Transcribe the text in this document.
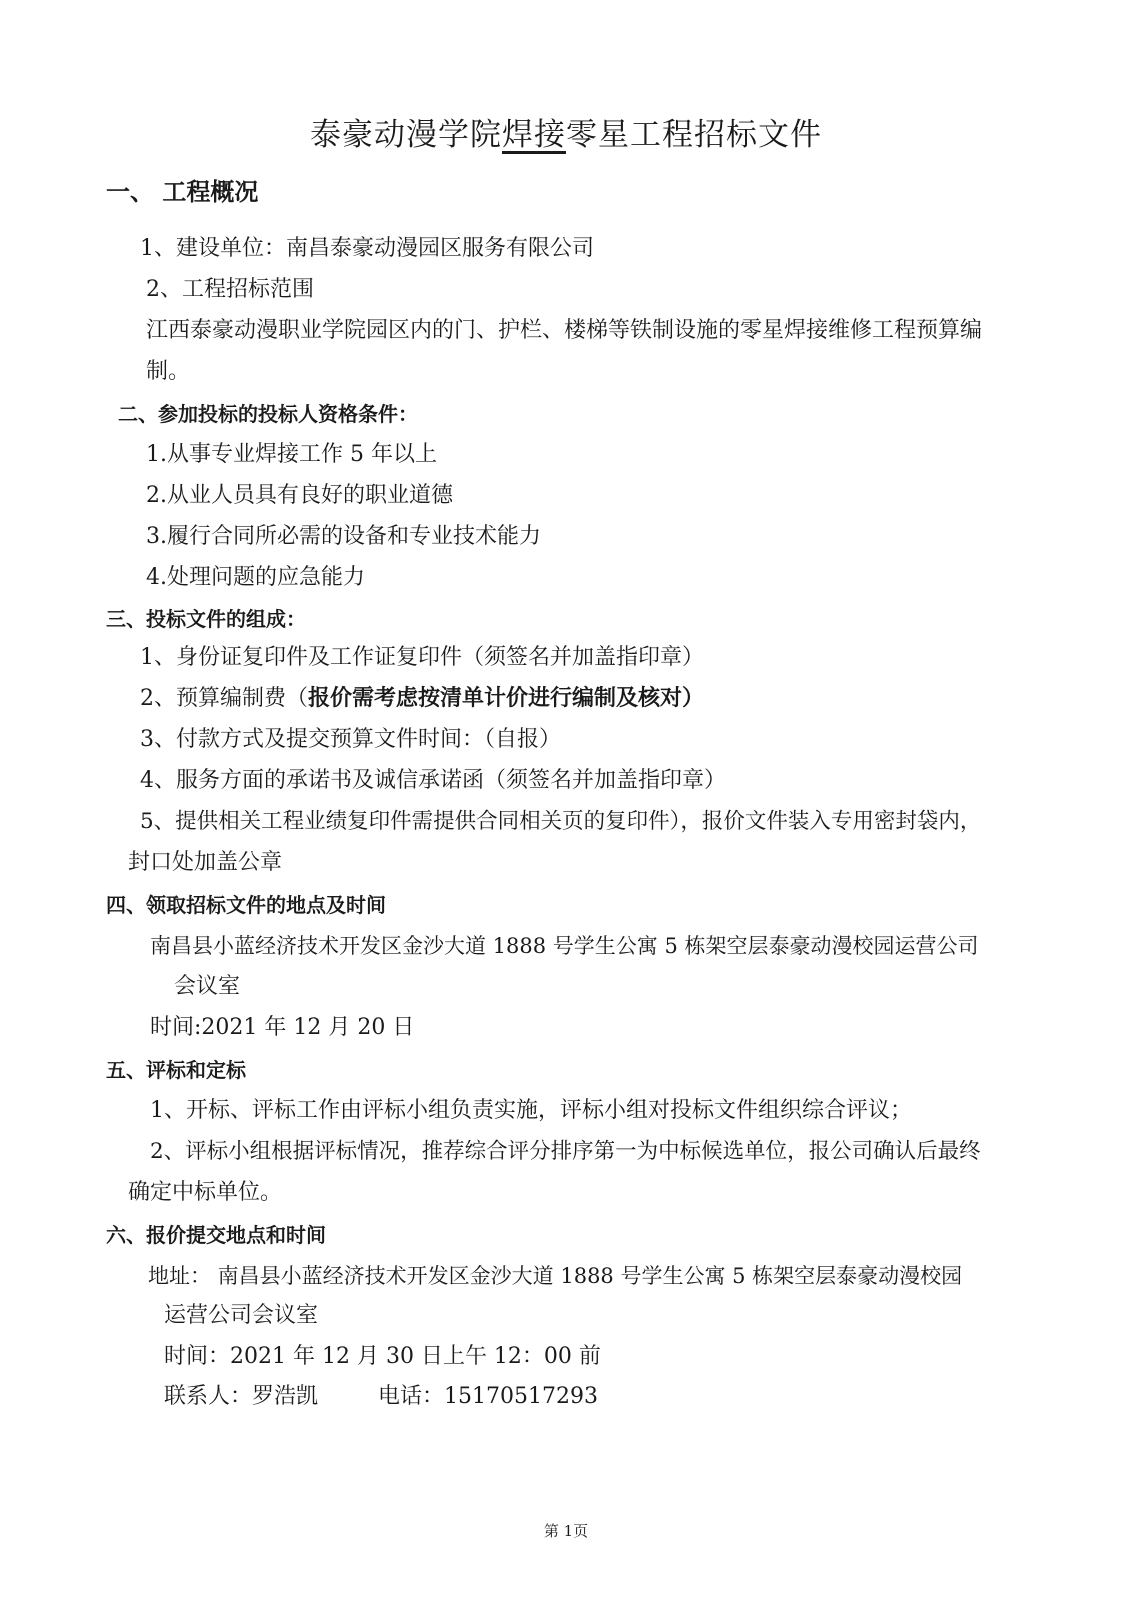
泰豪动漫学院焊接零星工程招标文件
一、 工程概况
1、建设单位：南昌泰豪动漫园区服务有限公司
2、工程招标范围
江西泰豪动漫职业学院园区内的门、护栏、楼梯等铁制设施的零星焊接维修工程预算编
制。
二、参加投标的投标人资格条件：
1.从事专业焊接工作 5 年以上
2.从业人员具有良好的职业道德
3.履行合同所必需的设备和专业技术能力
4.处理问题的应急能力
三、投标文件的组成：
1、身份证复印件及工作证复印件（须签名并加盖指印章）
2、预算编制费（报价需考虑按清单计价进行编制及核对）
3、付款方式及提交预算文件时间：（自报）
4、服务方面的承诺书及诚信承诺函（须签名并加盖指印章）
5、提供相关工程业绩复印件需提供合同相关页的复印件），报价文件装入专用密封袋内，
封口处加盖公章
四、领取招标文件的地点及时间
南昌县小蓝经济技术开发区金沙大道 1888 号学生公寓 5 栋架空层泰豪动漫校园运营公司
会议室
时间:2021 年 12 月 20 日
五、评标和定标
1、开标、评标工作由评标小组负责实施，评标小组对投标文件组织综合评议；
2、评标小组根据评标情况，推荐综合评分排序第一为中标候选单位，报公司确认后最终
确定中标单位。
六、报价提交地点和时间
地址： 南昌县小蓝经济技术开发区金沙大道 1888 号学生公寓 5 栋架空层泰豪动漫校园
运营公司会议室
时间：2021 年 12 月 30 日上午 12：00 前
联系人：罗浩凯	电话：15170517293
第 1页
